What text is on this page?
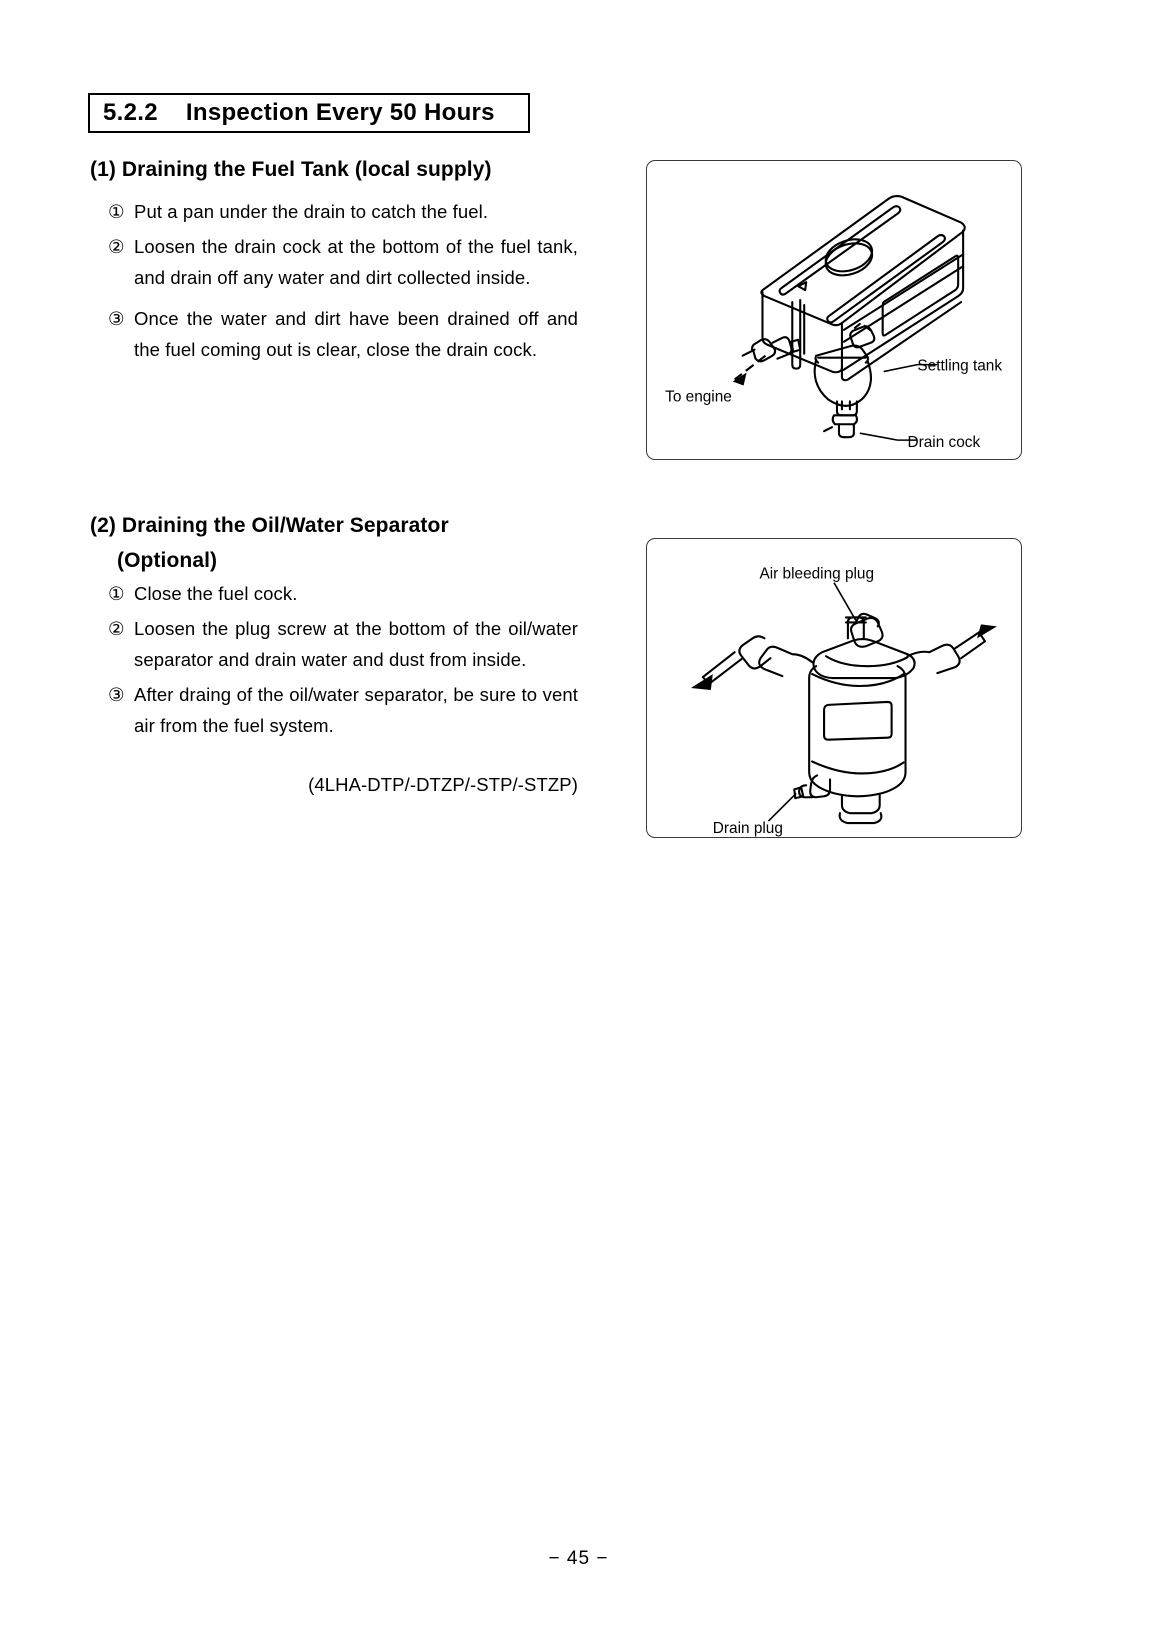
5.2.2	Inspection Every 50 Hours
(1) Draining the Fuel Tank (local supply)
① Put a pan under the drain to catch the fuel.
② Loosen the drain cock at the bottom of the fuel tank, and drain off any water and dirt collected inside.
③ Once the water and dirt have been drained off and the fuel coming out is clear, close the drain cock.
(2) Draining the Oil/Water Separator
(Optional)
① Close the fuel cock.
② Loosen the plug screw at the bottom of the oil/water separator and drain water and dust from inside.
③ After draing of the oil/water separator, be sure to vent air from the fuel system.
(4LHA-DTP/-DTZP/-STP/-STZP)
To engine
Settling tank
Drain cock
Air bleeding plug
Drain plug
− 45 −
